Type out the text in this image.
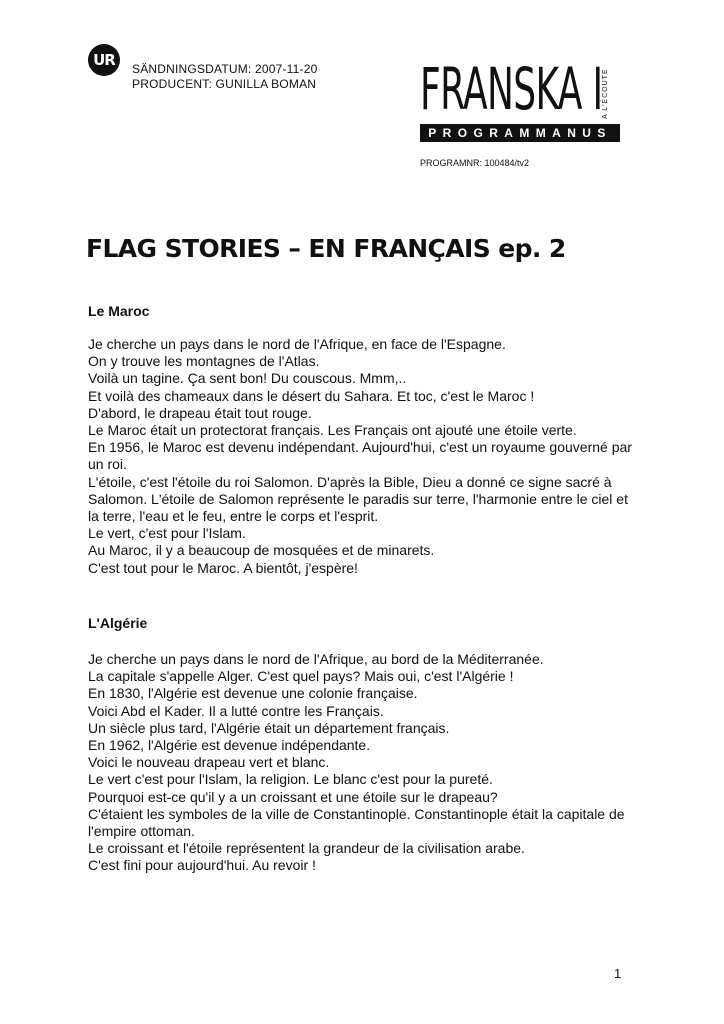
UR	SÄNDNINGSDATUM: 2007-11-20
PRODUCENT: GUNILLA BOMAN FRANSKA I A L'ÉCOUTE
PROGRAMMANUS
PROGRAMNR: 100484/tv2
FLAG STORIES – EN FRANÇAIS ep. 2
Le Maroc
Je cherche un pays dans le nord de l'Afrique, en face de l'Espagne.
On y trouve les montagnes de l'Atlas.
Voilà un tagine. Ça sent bon! Du couscous. Mmm,..
Et voilà des chameaux dans le désert du Sahara. Et toc, c'est le Maroc !
D'abord, le drapeau était tout rouge.
Le Maroc était un protectorat français. Les Français ont ajouté une étoile verte.
En 1956, le Maroc est devenu indépendant. Aujourd'hui, c'est un royaume gouverné par un roi.
L'étoile, c'est l'étoile du roi Salomon. D'après la Bible, Dieu a donné ce signe sacré à Salomon. L'étoile de Salomon représente le paradis sur terre, l'harmonie entre le ciel et la terre, l'eau et le feu, entre le corps et l'esprit.
Le vert, c'est pour l'Islam.
Au Maroc, il y a beaucoup de mosquées et de minarets.
C'est tout pour le Maroc. A bientôt, j'espère!
L'Algérie
Je cherche un pays dans le nord de l'Afrique, au bord de la Méditerranée.
La capitale s'appelle Alger. C'est quel pays? Mais oui, c'est l'Algérie !
En 1830, l'Algérie est devenue une colonie française.
Voici Abd el Kader. Il a lutté contre les Français.
Un siècle plus tard, l'Algérie était un département français.
En 1962, l'Algérie est devenue indépendante.
Voici le nouveau drapeau vert et blanc.
Le vert c'est pour l'Islam, la religion. Le blanc c'est pour la pureté.
Pourquoi est-ce qu'il y a un croissant et une étoile sur le drapeau?
C'étaient les symboles de la ville de Constantinople. Constantinople était la capitale de l'empire ottoman.
Le croissant et l'étoile représentent la grandeur de la civilisation arabe.
C'est fini pour aujourd'hui. Au revoir !
1
